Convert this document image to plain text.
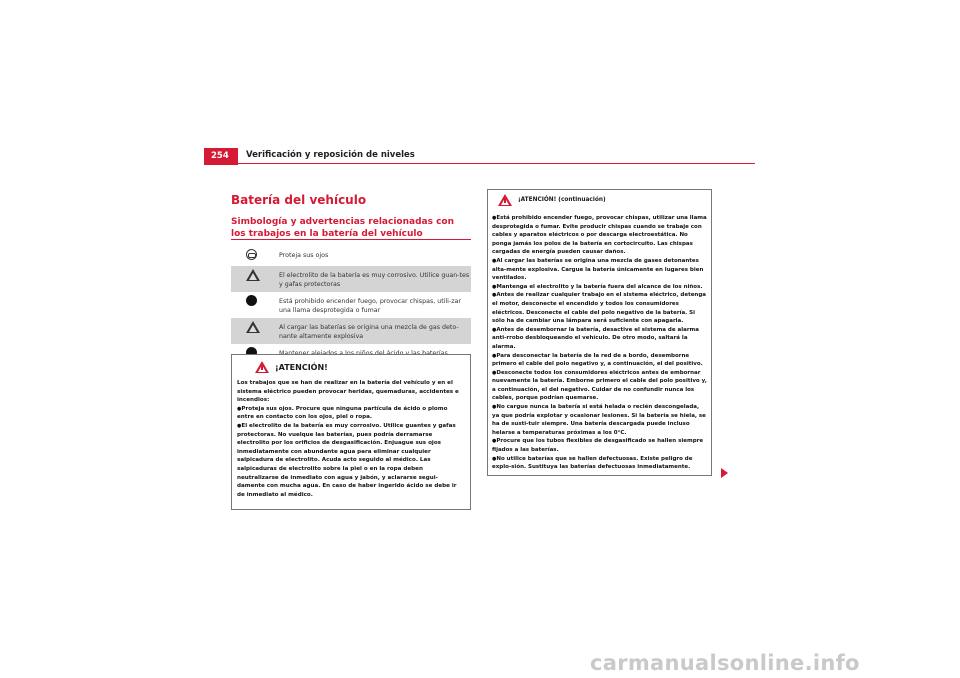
254	Verificación y reposición de niveles
Batería del vehículo
Simbología y advertencias relacionadas con los trabajos en la batería del vehículo
Proteja sus ojos
El electrolito de la batería es muy corrosivo. Utilice guan-tes y gafas protectoras
Está prohibido encender fuego, provocar chispas, utili-zar una llama desprotegida o fumar
Al cargar las baterías se origina una mezcla de gas deto-nante altamente explosiva
¡ATENCIÓN!

Los trabajos que se han de realizar en la batería del vehículo y en el sistema eléctrico pueden provocar heridas, quemaduras, accidentes e incendios:

● Proteja sus ojos. Procure que ninguna partícula de ácido o plomo entre en contacto con los ojos, piel o ropa.

● El electrolito de la batería es muy corrosivo. Utilice guantes y gafas protectoras. No vuelque las baterías, pues podría derramarse electrolito por los orificios de desgasificación. Enjuague sus ojos inmediatamente con abundante agua para eliminar cualquier salpicadura de electrolito. Acuda acto seguido al médico. Las salpicaduras de electrolito sobre la piel o en la ropa deben neutralizarse de inmediato con agua y jabón, y aclararse segui-damente con mucha agua. En caso de haber ingerido ácido se debe ir de inmediato al médico.

¡ATENCIÓN! (continuación)

● Está prohibido encender fuego, provocar chispas, utilizar una llama desprotegida o fumar. Evite producir chispas cuando se trabaje con cables y aparatos eléctricos o por descarga electroestática. No ponga jamás los polos de la batería en cortocircuito. Las chispas cargadas de energía pueden causar daños.

● Al cargar las baterías se origina una mezcla de gases detonantes alta-mente explosiva. Cargue la batería únicamente en lugares bien ventilados.

● Mantenga el electrolito y la batería fuera del alcance de los niños.

● Antes de realizar cualquier trabajo en el sistema eléctrico, detenga el motor, desconecte el encendido y todos los consumidores eléctricos. Desconecte el cable del polo negativo de la batería. Si sólo ha de cambiar una lámpara será suficiente con apagarla.

● Antes de desembornar la batería, desactive el sistema de alarma anti-rrobo desbloqueando el vehículo. De otro modo, saltará la alarma.

● Para desconectar la batería de la red de a bordo, desemborne primero el cable del polo negativo y, a continuación, el del positivo.

● Desconecte todos los consumidores eléctricos antes de embornar nuevamente la batería. Emborne primero el cable del polo positivo y, a continuación, el del negativo. Cuidar de no confundir nunca los cables, porque podrían quemarse.

● No cargue nunca la batería si está helada o recién descongelada, ya que podría explotar y ocasionar lesiones. Si la batería se hiela, se ha de susti-tuir siempre. Una batería descargada puede incluso helarse a temperaturas próximas a los 0°C.

● Procure que los tubos flexibles de desgasificado se hallen siempre fijados a las baterías.

● No utilice baterías que se hallen defectuosas. Existe peligro de explo-sión. Sustituya las baterías defectuosas inmediatamente.

carmanualsonline.info
